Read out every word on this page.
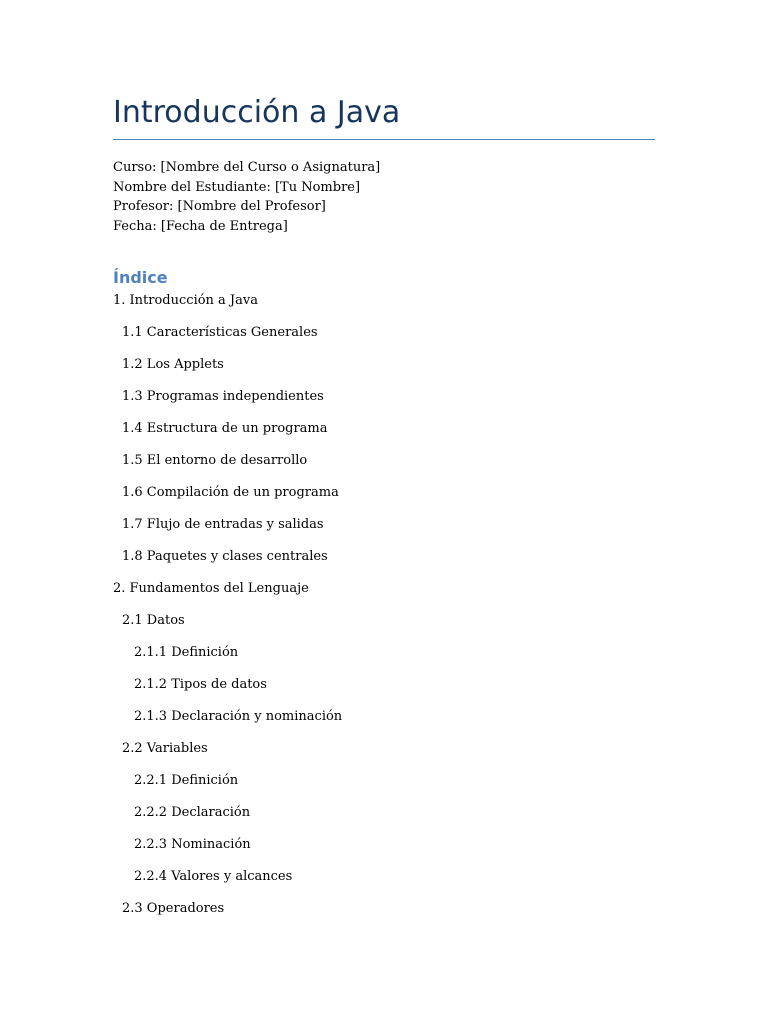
Introducción a Java
Curso: [Nombre del Curso o Asignatura]
Nombre del Estudiante: [Tu Nombre]
Profesor: [Nombre del Profesor]
Fecha: [Fecha de Entrega]
Índice
1. Introducción a Java
1.1 Características Generales
1.2 Los Applets
1.3 Programas independientes
1.4 Estructura de un programa
1.5 El entorno de desarrollo
1.6 Compilación de un programa
1.7 Flujo de entradas y salidas
1.8 Paquetes y clases centrales
2. Fundamentos del Lenguaje
2.1 Datos
2.1.1 Definición
2.1.2 Tipos de datos
2.1.3 Declaración y nominación
2.2 Variables
2.2.1 Definición
2.2.2 Declaración
2.2.3 Nominación
2.2.4 Valores y alcances
2.3 Operadores
